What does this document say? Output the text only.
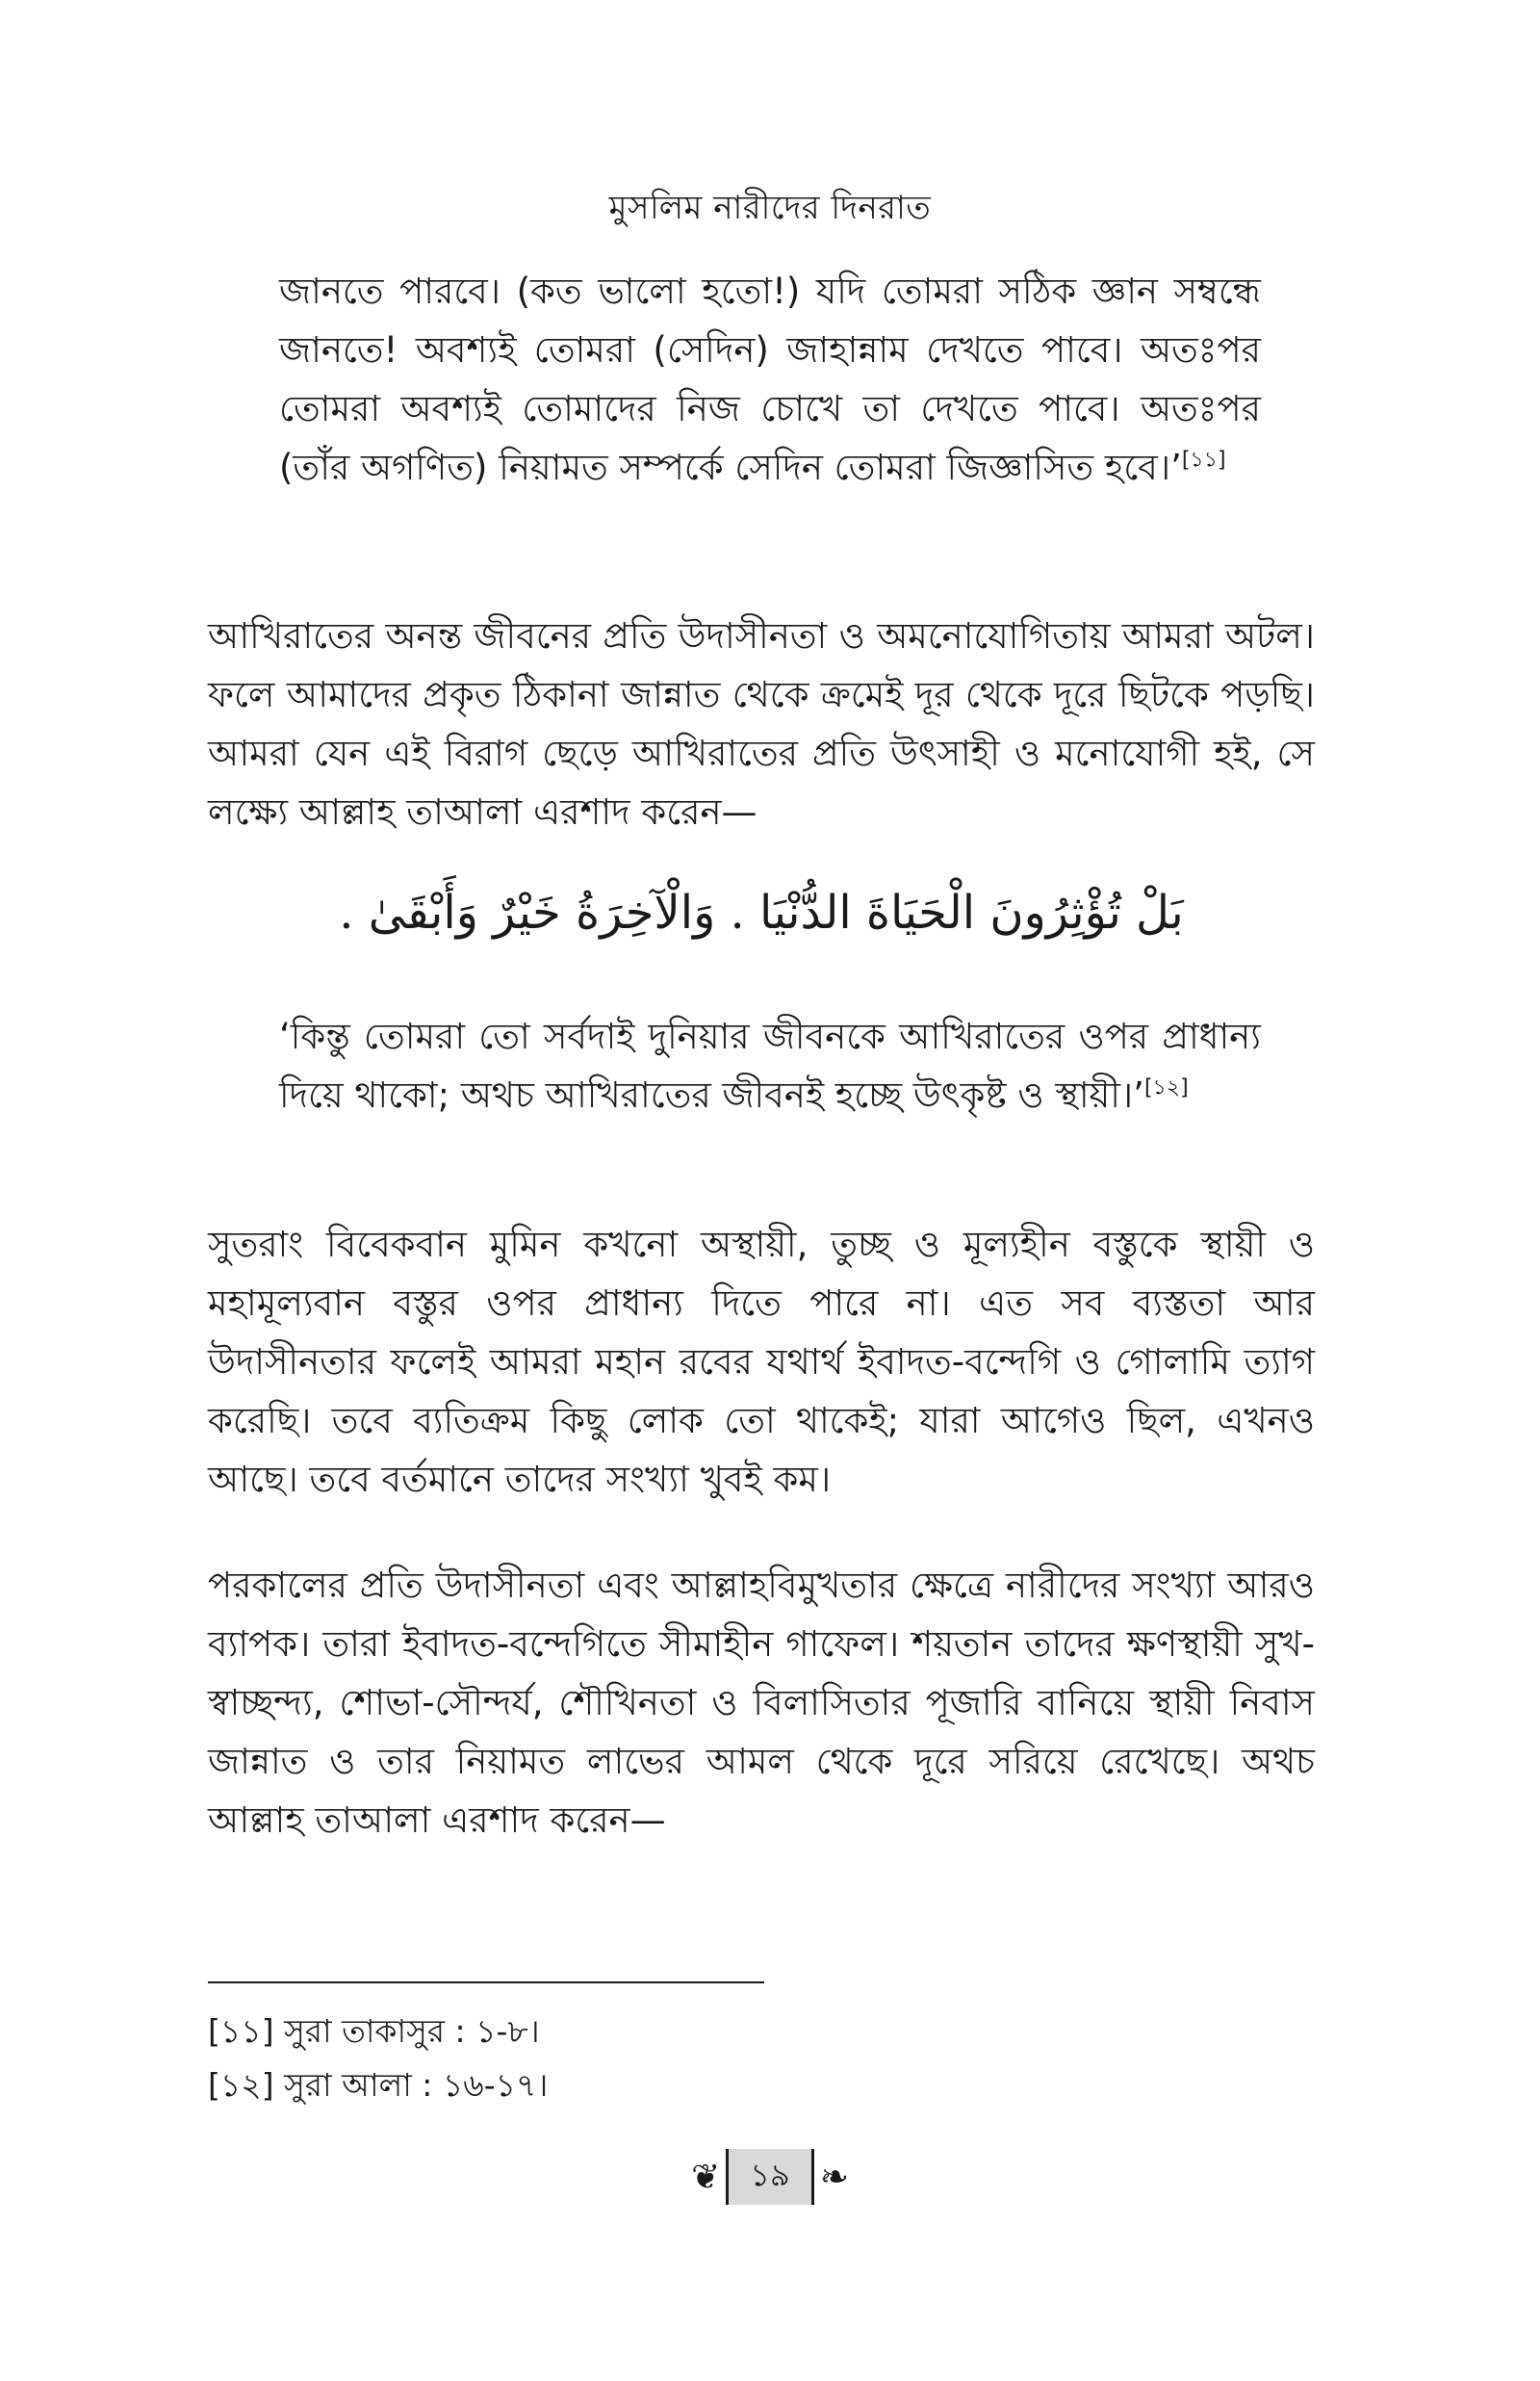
মুসলিম নারীদের দিনরাত
জানতে পারবে। (কত ভালো হতো!) যদি তোমরা সঠিক জ্ঞান সম্বন্ধে জানতে! অবশ্যই তোমরা (সেদিন) জাহান্নাম দেখতে পাবে। অতঃপর তোমরা অবশ্যই তোমাদের নিজ চোখে তা দেখতে পাবে। অতঃপর (তাঁর অগণিত) নিয়ামত সম্পর্কে সেদিন তোমরা জিজ্ঞাসিত হবে।’[১১]
আখিরাতের অনন্ত জীবনের প্রতি উদাসীনতা ও অমনোযোগিতায় আমরা অটল। ফলে আমাদের প্রকৃত ঠিকানা জান্নাত থেকে ক্রমেই দূর থেকে দূরে ছিটকে পড়ছি। আমরা যেন এই বিরাগ ছেড়ে আখিরাতের প্রতি উৎসাহী ও মনোযোগী হই, সে লক্ষ্যে আল্লাহ তাআলা এরশাদ করেন—
بَلْ تُؤْثِرُونَ الْحَيَاةَ الدُّنْيَا . وَالْآخِرَةُ خَيْرٌ وَأَبْقَىٰ .
‘কিন্তু তোমরা তো সর্বদাই দুনিয়ার জীবনকে আখিরাতের ওপর প্রাধান্য দিয়ে থাকো; অথচ আখিরাতের জীবনই হচ্ছে উৎকৃষ্ট ও স্থায়ী।’[১২]
সুতরাং বিবেকবান মুমিন কখনো অস্থায়ী, তুচ্ছ ও মূল্যহীন বস্তুকে স্থায়ী ও মহামূল্যবান বস্তুর ওপর প্রাধান্য দিতে পারে না। এত সব ব্যস্ততা আর উদাসীনতার ফলেই আমরা মহান রবের যথার্থ ইবাদত-বন্দেগি ও গোলামি ত্যাগ করেছি। তবে ব্যতিক্রম কিছু লোক তো থাকেই; যারা আগেও ছিল, এখনও আছে। তবে বর্তমানে তাদের সংখ্যা খুবই কম।
পরকালের প্রতি উদাসীনতা এবং আল্লাহবিমুখতার ক্ষেত্রে নারীদের সংখ্যা আরও ব্যাপক। তারা ইবাদত-বন্দেগিতে সীমাহীন গাফেল। শয়তান তাদের ক্ষণস্থায়ী সুখ-স্বাচ্ছন্দ্য, শোভা-সৌন্দর্য, শৌখিনতা ও বিলাসিতার পূজারি বানিয়ে স্থায়ী নিবাস জান্নাত ও তার নিয়ামত লাভের আমল থেকে দূরে সরিয়ে রেখেছে। অথচ আল্লাহ তাআলা এরশাদ করেন—
[১১] সুরা তাকাসুর : ১-৮।
[১২] সুরা আলা : ১৬-১৭।
❦ ১৯ ❧
